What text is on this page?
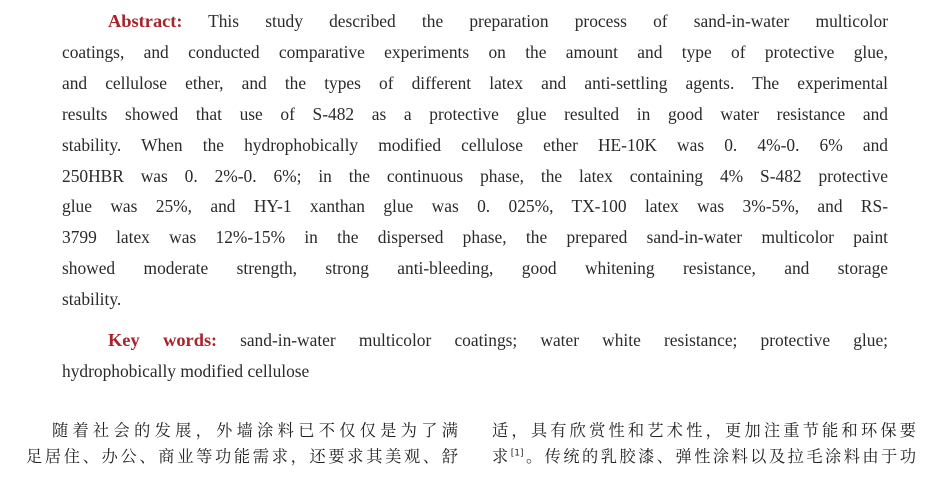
Abstract: This study described the preparation process of sand-in-water multicolor
coatings, and conducted comparative experiments on the amount and type of protective glue,
and cellulose ether, and the types of different latex and anti-settling agents. The experimental
results showed that use of S-482 as a protective glue resulted in good water resistance and
stability. When the hydrophobically modified cellulose ether HE-10K was 0. 4%-0. 6% and
250HBR was 0. 2%-0. 6%; in the continuous phase, the latex containing 4% S-482 protective
glue was 25%, and HY-1 xanthan glue was 0. 025%, TX-100 latex was 3%-5%, and RS-
3799 latex was 12%-15% in the dispersed phase, the prepared sand-in-water multicolor paint
showed moderate strength, strong anti-bleeding, good whitening resistance, and storage
stability.
Key words: sand-in-water multicolor coatings; water white resistance; protective glue;
hydrophobically modified cellulose
随着社会的发展，外墙涂料已不仅仅是为了满
足居住、办公、商业等功能需求，还要求其美观、舒
适，具有欣赏性和艺术性，更加注重节能和环保要
求[1]。传统的乳胶漆、弹性涂料以及拉毛涂料由于功
